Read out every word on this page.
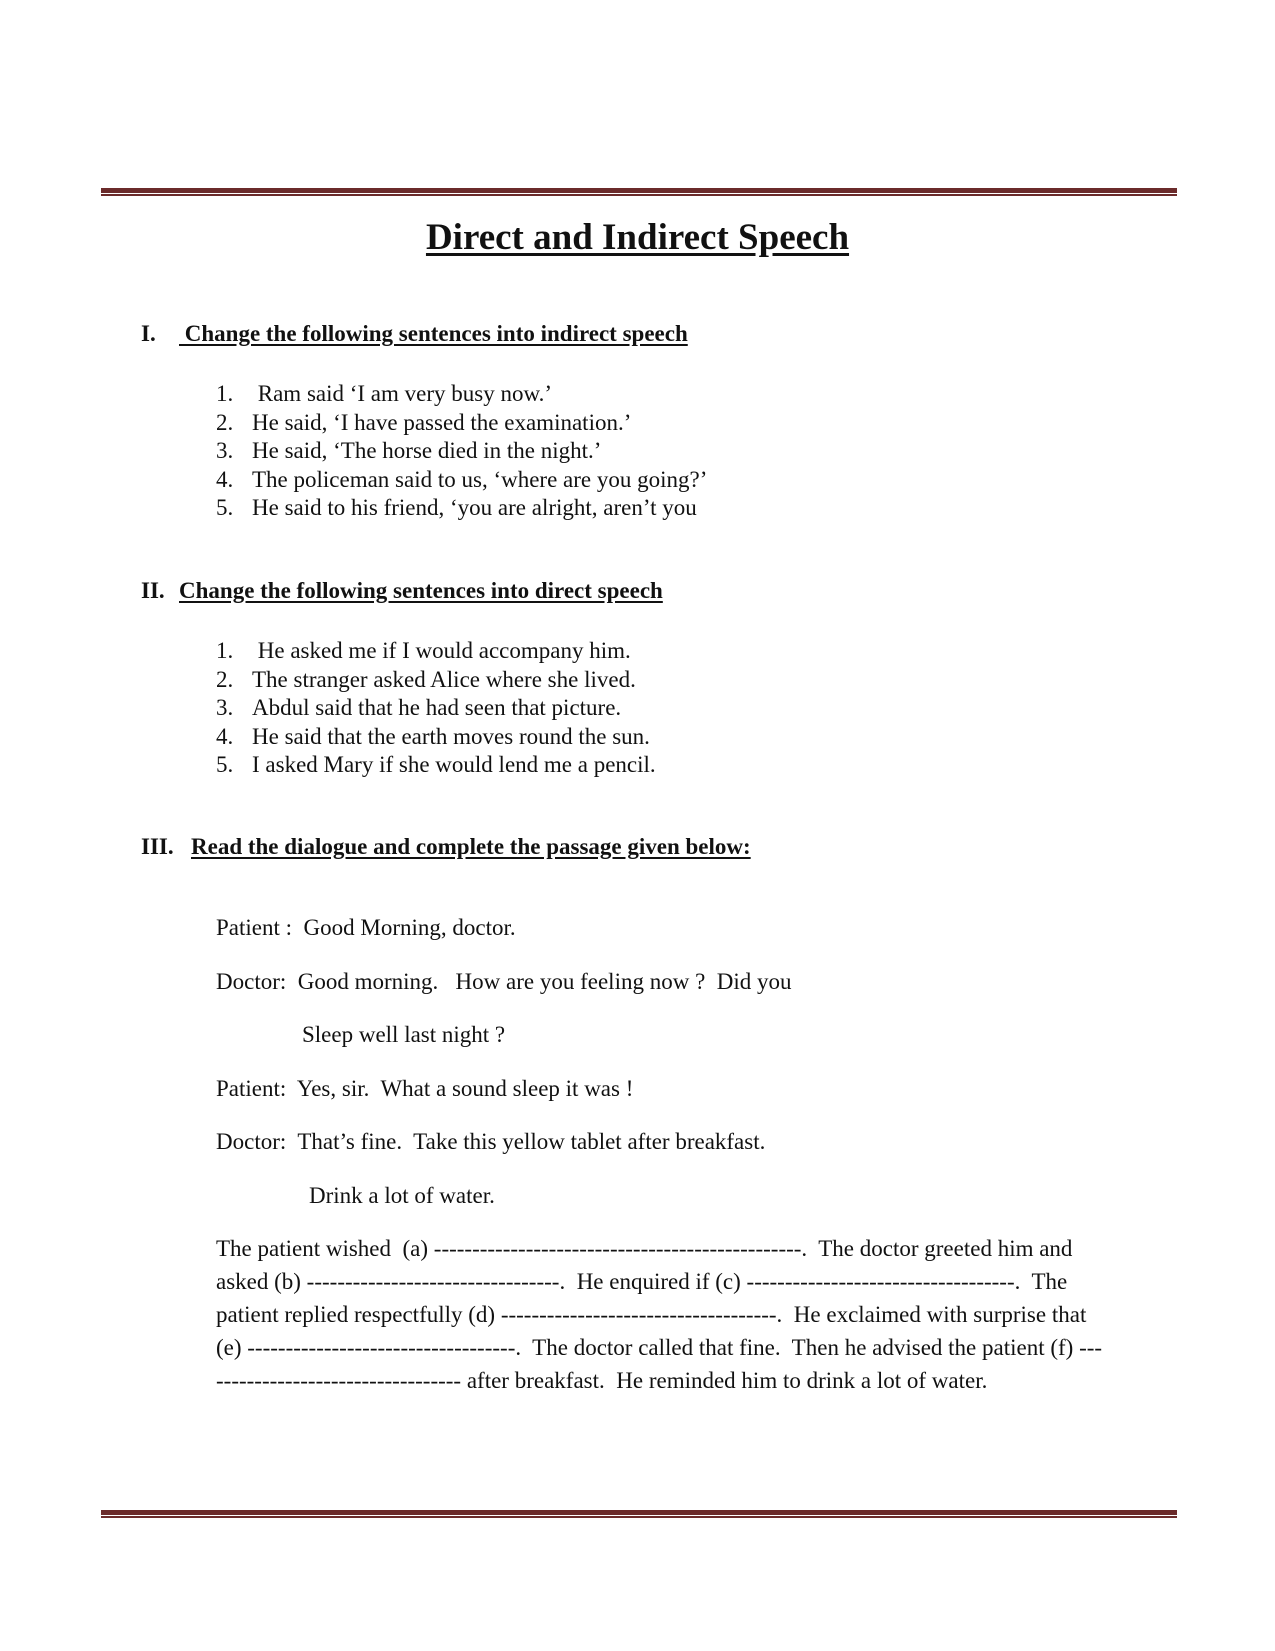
Direct and Indirect Speech
I. Change the following sentences into indirect speech
1. Ram said ‘I am very busy now.’
2. He said, ‘I have passed the examination.’
3. He said, ‘The horse died in the night.’
4. The policeman said to us, ‘where are you going?’
5. He said to his friend, ‘you are alright, aren’t you
II. Change the following sentences into direct speech
1. He asked me if I would accompany him.
2. The stranger asked Alice where she lived.
3. Abdul said that he had seen that picture.
4. He said that the earth moves round the sun.
5. I asked Mary if she would lend me a pencil.
III. Read the dialogue and complete the passage given below:
Patient :  Good Morning, doctor.
Doctor:  Good morning.   How are you feeling now ?  Did you
Sleep well last night ?
Patient:  Yes, sir.  What a sound sleep it was !
Doctor:  That’s fine.  Take this yellow tablet after breakfast.
Drink a lot of water.
The patient wished  (a) ------------------------------------------------.  The doctor greeted him and
asked (b) ---------------------------------.  He enquired if (c) -----------------------------------.  The
patient replied respectfully (d) ------------------------------------.  He exclaimed with surprise that
(e) -----------------------------------.  The doctor called that fine.  Then he advised the patient (f) ---
-------------------------------- after breakfast.  He reminded him to drink a lot of water.
